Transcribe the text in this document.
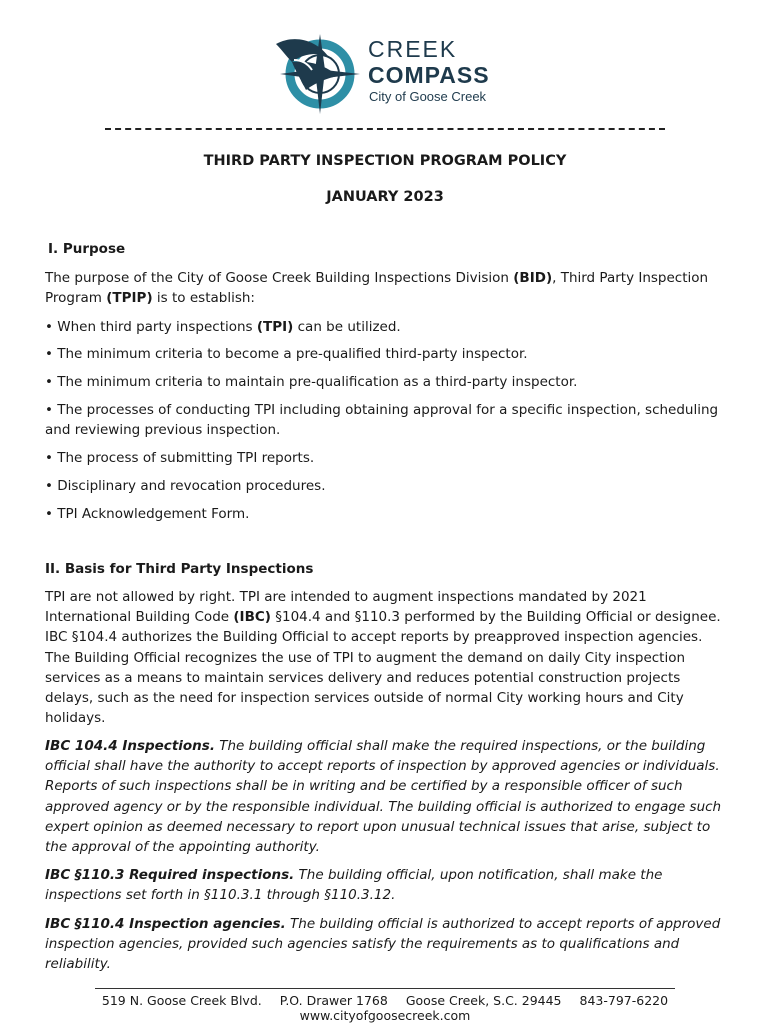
CREEK
COMPASS
City of Goose Creek
THIRD PARTY INSPECTION PROGRAM POLICY
JANUARY 2023
I. Purpose
The purpose of the City of Goose Creek Building Inspections Division (BID), Third Party Inspection Program (TPIP) is to establish:
• When third party inspections (TPI) can be utilized.
• The minimum criteria to become a pre-qualified third-party inspector.
• The minimum criteria to maintain pre-qualification as a third-party inspector.
• The processes of conducting TPI including obtaining approval for a specific inspection, scheduling and reviewing previous inspection.
• The process of submitting TPI reports.
• Disciplinary and revocation procedures.
• TPI Acknowledgement Form.
II. Basis for Third Party Inspections
TPI are not allowed by right. TPI are intended to augment inspections mandated by 2021 International Building Code (IBC) §104.4 and §110.3 performed by the Building Official or designee. IBC §104.4 authorizes the Building Official to accept reports by preapproved inspection agencies. The Building Official recognizes the use of TPI to augment the demand on daily City inspection services as a means to maintain services delivery and reduces potential construction projects delays, such as the need for inspection services outside of normal City working hours and City holidays.
IBC 104.4 Inspections. The building official shall make the required inspections, or the building official shall have the authority to accept reports of inspection by approved agencies or individuals. Reports of such inspections shall be in writing and be certified by a responsible officer of such approved agency or by the responsible individual. The building official is authorized to engage such expert opinion as deemed necessary to report upon unusual technical issues that arise, subject to the approval of the appointing authority.
IBC §110.3 Required inspections. The building official, upon notification, shall make the inspections set forth in §110.3.1 through §110.3.12.
IBC §110.4 Inspection agencies. The building official is authorized to accept reports of approved inspection agencies, provided such agencies satisfy the requirements as to qualifications and reliability.
519 N. Goose Creek Blvd. P.O. Drawer 1768 Goose Creek, S.C. 29445 843-797-6220
www.cityofgoosecreek.com
